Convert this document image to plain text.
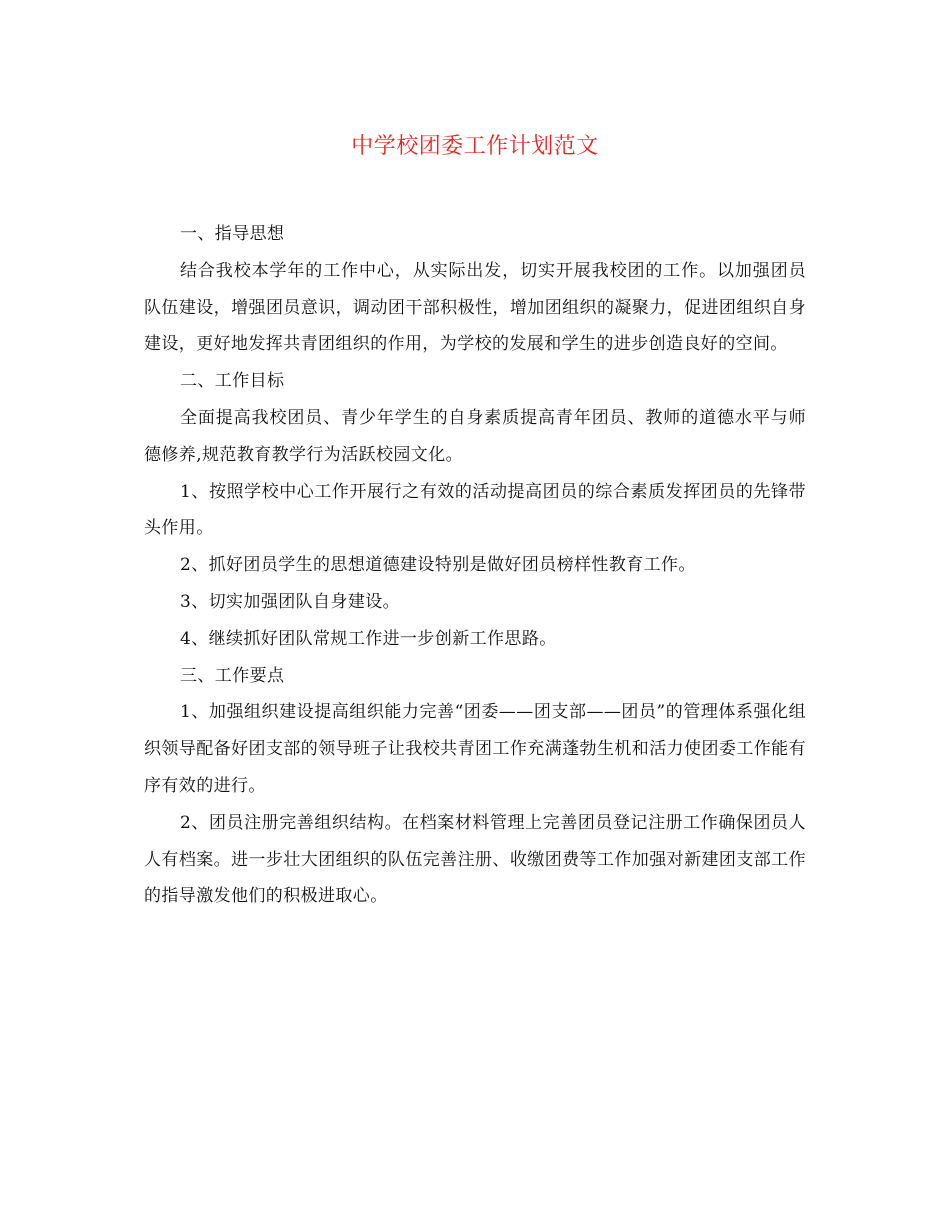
中学校团委工作计划范文

一、指导思想

结合我校本学年的工作中心，从实际出发，切实开展我校团的工作。以加强团员队伍建设，增强团员意识，调动团干部积极性，增加团组织的凝聚力，促进团组织自身建设，更好地发挥共青团组织的作用，为学校的发展和学生的进步创造良好的空间。

二、工作目标

全面提高我校团员、青少年学生的自身素质提高青年团员、教师的道德水平与师德修养,规范教育教学行为活跃校园文化。

1、按照学校中心工作开展行之有效的活动提高团员的综合素质发挥团员的先锋带头作用。

2、抓好团员学生的思想道德建设特别是做好团员榜样性教育工作。

3、切实加强团队自身建设。

4、继续抓好团队常规工作进一步创新工作思路。

三、工作要点

1、加强组织建设提高组织能力完善“团委——团支部——团员”的管理体系强化组织领导配备好团支部的领导班子让我校共青团工作充满蓬勃生机和活力使团委工作能有序有效的进行。

2、团员注册完善组织结构。在档案材料管理上完善团员登记注册工作确保团员人人有档案。进一步壮大团组织的队伍完善注册、收缴团费等工作加强对新建团支部工作的指导激发他们的积极进取心。
